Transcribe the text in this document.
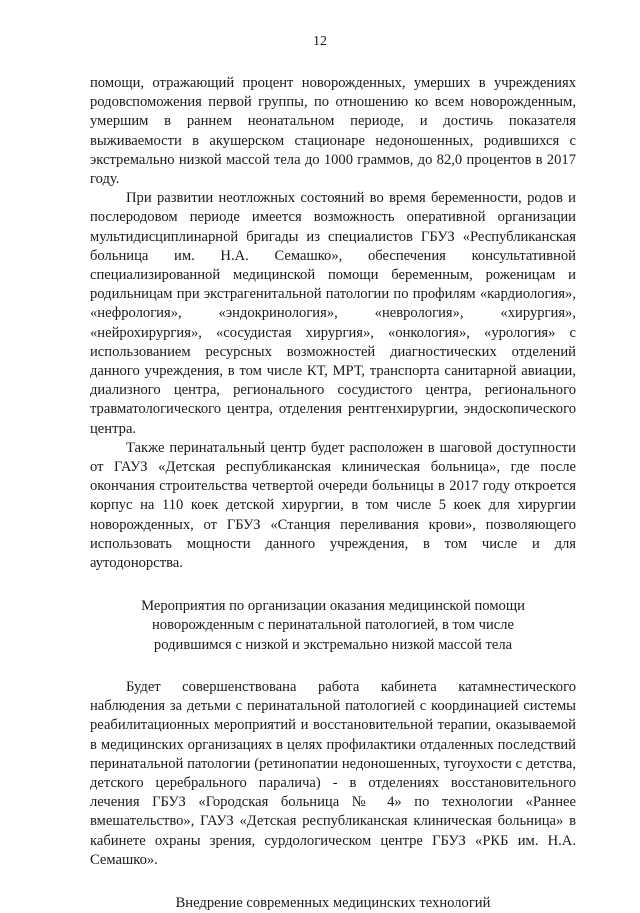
12

помощи, отражающий процент новорожденных, умерших в учреждениях родовспоможения первой группы, по отношению ко всем новорожденным, умершим в раннем неонатальном периоде, и достичь показателя выживаемости в акушерском стационаре недоношенных, родившихся с экстремально низкой массой тела до 1000 граммов, до 82,0 процентов в 2017 году.

При развитии неотложных состояний во время беременности, родов и послеродовом периоде имеется возможность оперативной организации мультидисциплинарной бригады из специалистов ГБУЗ «Республиканская больница им. Н.А. Семашко», обеспечения консультативной специализированной медицинской помощи беременным, роженицам и родильницам при экстрагенитальной патологии по профилям «кардиология», «нефрология», «эндокринология», «неврология», «хирургия», «нейрохирургия», «сосудистая хирургия», «онкология», «урология» с использованием ресурсных возможностей диагностических отделений данного учреждения, в том числе КТ, МРТ, транспорта санитарной авиации, диализного центра, регионального сосудистого центра, регионального травматологического центра, отделения рентгенхирургии, эндоскопического центра.

Также перинатальный центр будет расположен в шаговой доступности от ГАУЗ «Детская республиканская клиническая больница», где после окончания строительства четвертой очереди больницы в 2017 году откроется корпус на 110 коек детской хирургии, в том числе 5 коек для хирургии новорожденных, от ГБУЗ «Станция переливания крови», позволяющего использовать мощности данного учреждения, в том числе и для аутодонорства.

Мероприятия по организации оказания медицинской помощи новорожденным с перинатальной патологией, в том числе родившимся с низкой и экстремально низкой массой тела

Будет совершенствована работа кабинета катамнестического наблюдения за детьми с перинатальной патологией с координацией системы реабилитационных мероприятий и восстановительной терапии, оказываемой в медицинских организациях в целях профилактики отдаленных последствий перинатальной патологии (ретинопатии недоношенных, тугоухости с детства, детского церебрального паралича) - в отделениях восстановительного лечения ГБУЗ «Городская больница № 4» по технологии «Раннее вмешательство», ГАУЗ «Детская республиканская клиническая больница» в кабинете охраны зрения, сурдологическом центре ГБУЗ «РКБ им. Н.А. Семашко».

Внедрение современных медицинских технологий
